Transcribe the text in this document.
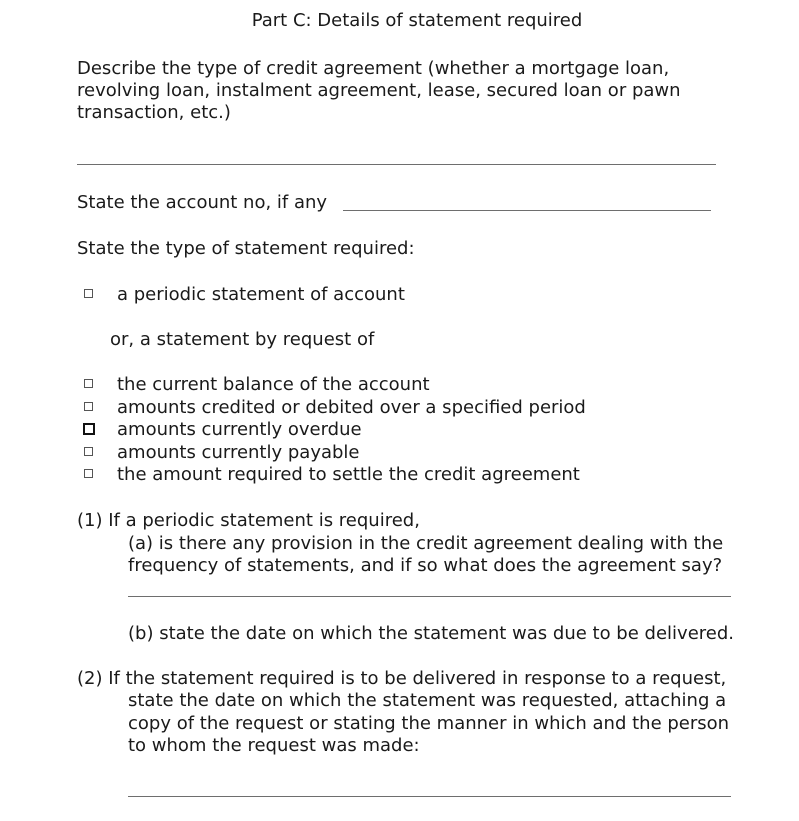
Part C: Details of statement required
Describe the type of credit agreement (whether a mortgage loan,
revolving loan, instalment agreement, lease, secured loan or pawn
transaction, etc.)
State the account no, if any
State the type of statement required:
a periodic statement of account
or, a statement by request of
the current balance of the account
amounts credited or debited over a specified period
amounts currently overdue
amounts currently payable
the amount required to settle the credit agreement
(1) If a periodic statement is required,
(a) is there any provision in the credit agreement dealing with the
frequency of statements, and if so what does the agreement say?
(b) state the date on which the statement was due to be delivered.
(2) If the statement required is to be delivered in response to a request,
state the date on which the statement was requested, attaching a
copy of the request or stating the manner in which and the person
to whom the request was made:
